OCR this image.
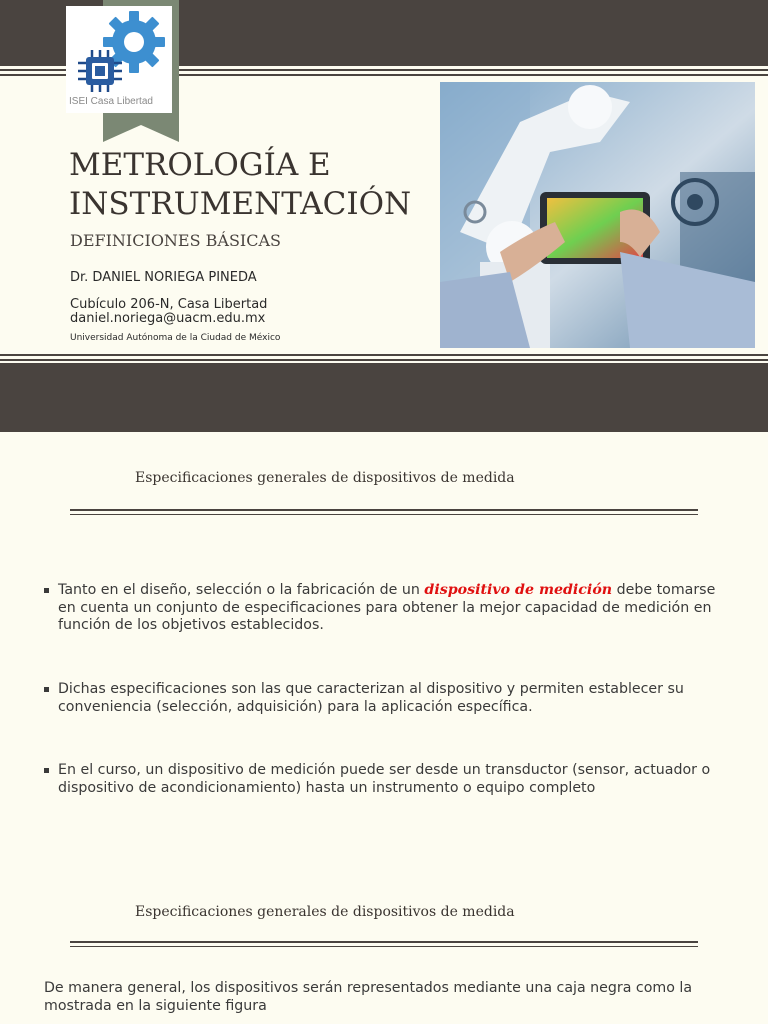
ISEI Casa Libertad
METROLOGÍA E
INSTRUMENTACIÓN
DEFINICIONES BÁSICAS
Dr. DANIEL NORIEGA PINEDA
Cubículo 206-N, Casa Libertad
daniel.noriega@uacm.edu.mx
Universidad Autónoma de la Ciudad de México
Especificaciones generales de dispositivos de medida
Tanto en el diseño, selección o la fabricación de un dispositivo de medición debe tomarse en cuenta un conjunto de especificaciones para obtener la mejor capacidad de medición en función de los objetivos establecidos.
Dichas especificaciones son las que caracterizan al dispositivo y permiten establecer su conveniencia (selección, adquisición) para la aplicación específica.
En el curso, un dispositivo de medición puede ser desde un transductor (sensor, actuador o dispositivo de acondicionamiento) hasta un instrumento o equipo completo
Especificaciones generales de dispositivos de medida
De manera general, los dispositivos serán representados mediante una caja negra como la mostrada en la siguiente figura
